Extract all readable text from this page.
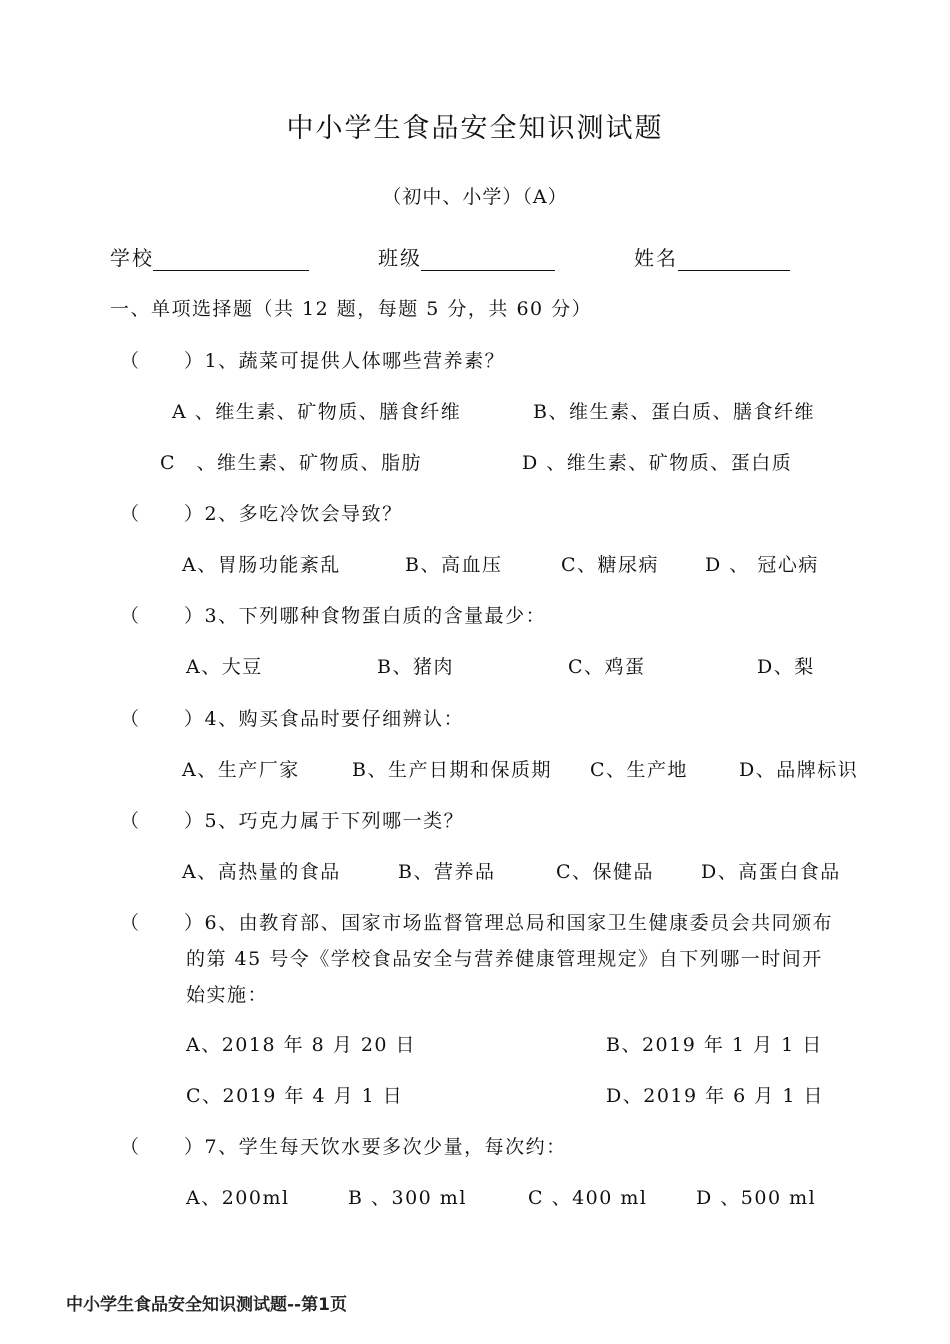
中小学生食品安全知识测试题
（初中、小学）（A）
学校	班级	姓名
一、单项选择题（共 12 题，每题 5 分，共 60 分）
（ ）1、蔬菜可提供人体哪些营养素？
A 、维生素、矿物质、膳食纤维	B、维生素、蛋白质、膳食纤维
C　、维生素、矿物质、脂肪	D 、维生素、矿物质、蛋白质
（ ）2、多吃冷饮会导致？
A、胃肠功能紊乱	B、高血压	C、糖尿病 D 、 冠心病
（ ）3、下列哪种食物蛋白质的含量最少：
A、大豆	B、猪肉	C、鸡蛋	D、梨
（ ）4、购买食品时要仔细辨认：
A、生产厂家	B、生产日期和保质期 C、生产地	D、品牌标识
（ ）5、巧克力属于下列哪一类？
A、高热量的食品	B、营养品	C、保健品 D、高蛋白食品
（ ）6、由教育部、国家市场监督管理总局和国家卫生健康委员会共同颁布
的第 45 号令《学校食品安全与营养健康管理规定》自下列哪一时间开
始实施：
A、2018 年 8 月 20 日	B、2019 年 1 月 1 日
C、2019 年 4 月 1 日	D、2019 年 6 月 1 日
（ ）7、学生每天饮水要多次少量，每次约：
A、200ml	B 、300 ml	C 、400 ml	D 、500 ml
中小学生食品安全知识测试题--第1页
